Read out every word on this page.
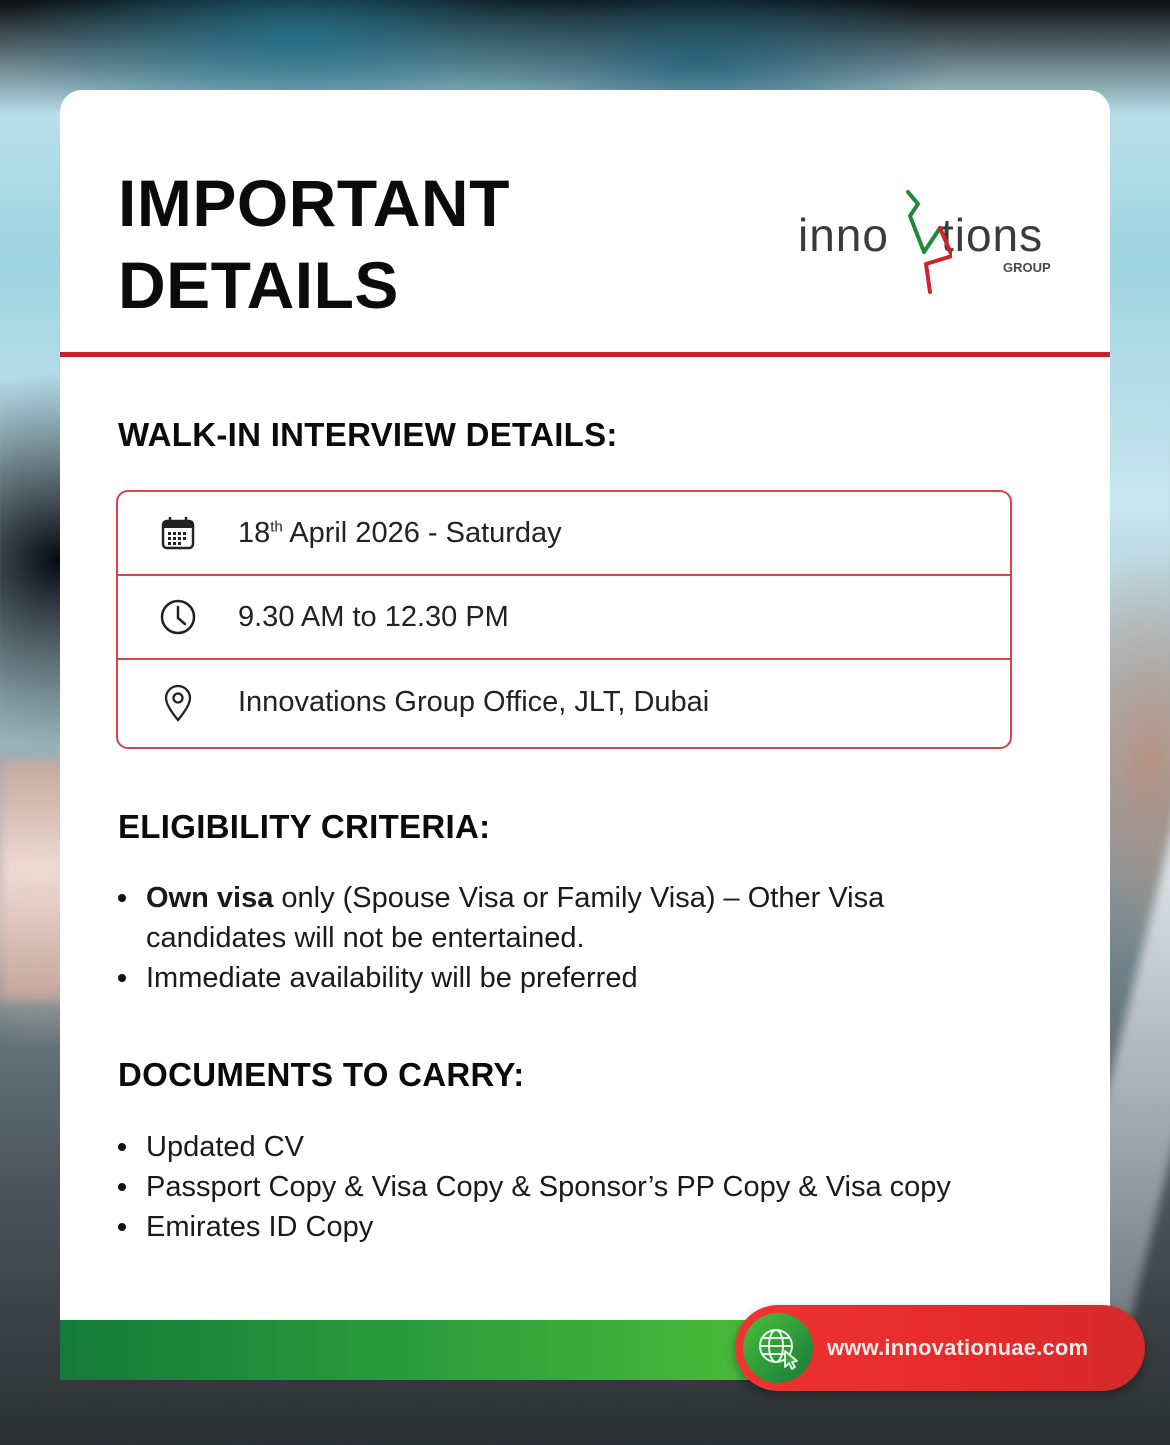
IMPORTANT
DETAILS
inno tions
GROUP
WALK-IN INTERVIEW DETAILS:
18th April 2026 - Saturday
9.30 AM to 12.30 PM
Innovations Group Office, JLT, Dubai
ELIGIBILITY CRITERIA:
Own visa only (Spouse Visa or Family Visa) – Other Visa candidates will not be entertained.
Immediate availability will be preferred
DOCUMENTS TO CARRY:
Updated CV
Passport Copy & Visa Copy & Sponsor’s PP Copy & Visa copy
Emirates ID Copy
www.innovationuae.com
